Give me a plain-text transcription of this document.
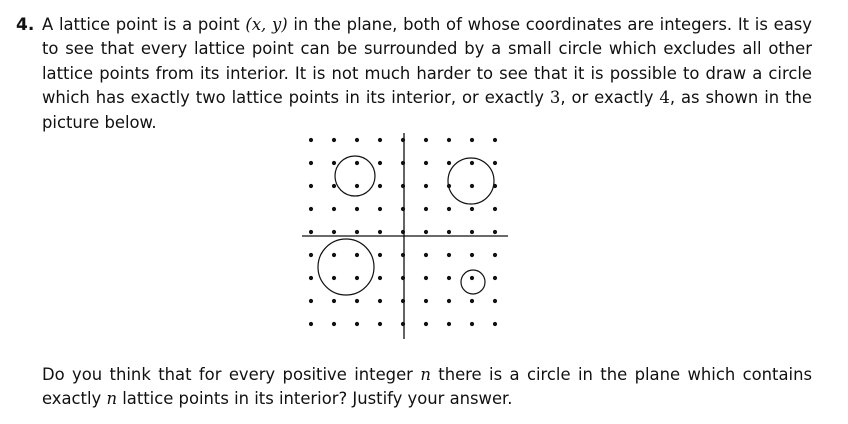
4. A lattice point is a point (x, y) in the plane, both of whose coordinates are integers. It is easy
to see that every lattice point can be surrounded by a small circle which excludes all other
lattice points from its interior. It is not much harder to see that it is possible to draw a circle
which has exactly two lattice points in its interior, or exactly 3, or exactly 4, as shown in the
picture below.
Do you think that for every positive integer n there is a circle in the plane which contains
exactly n lattice points in its interior? Justify your answer.
